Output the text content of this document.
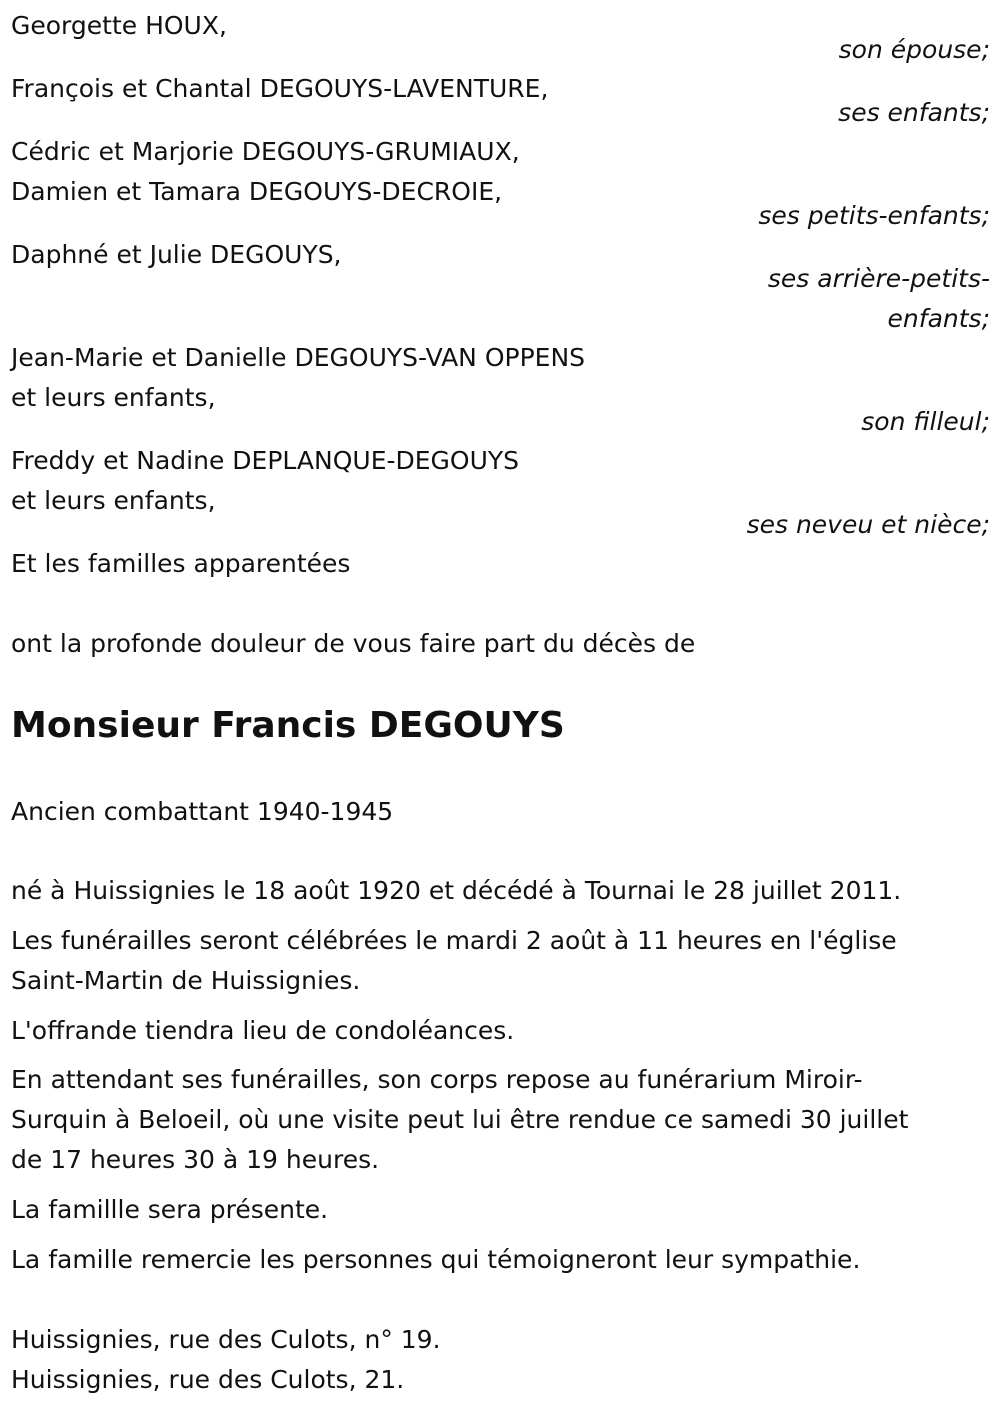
Georgette HOUX,

son épouse;

François et Chantal DEGOUYS-LAVENTURE,

ses enfants;

Cédric et Marjorie DEGOUYS-GRUMIAUX,

Damien et Tamara DEGOUYS-DECROIE,

ses petits-enfants;

Daphné et Julie DEGOUYS,

ses arrière-petits-

enfants;

Jean-Marie et Danielle DEGOUYS-VAN OPPENS

et leurs enfants,

son filleul;

Freddy et Nadine DEPLANQUE-DEGOUYS

et leurs enfants,

ses neveu et nièce;

Et les familles apparentées

ont la profonde douleur de vous faire part du décès de

Monsieur Francis DEGOUYS

Ancien combattant 1940-1945

né à Huissignies le 18 août 1920 et décédé à Tournai le 28 juillet 2011.

Les funérailles seront célébrées le mardi 2 août à 11 heures en l'église

Saint-Martin de Huissignies.

L'offrande tiendra lieu de condoléances.

En attendant ses funérailles, son corps repose au funérarium Miroir-

Surquin à Beloeil, où une visite peut lui être rendue ce samedi 30 juillet

de 17 heures 30 à 19 heures.

La famillle sera présente.

La famille remercie les personnes qui témoigneront leur sympathie.

Huissignies, rue des Culots, n° 19.

Huissignies, rue des Culots, 21.
